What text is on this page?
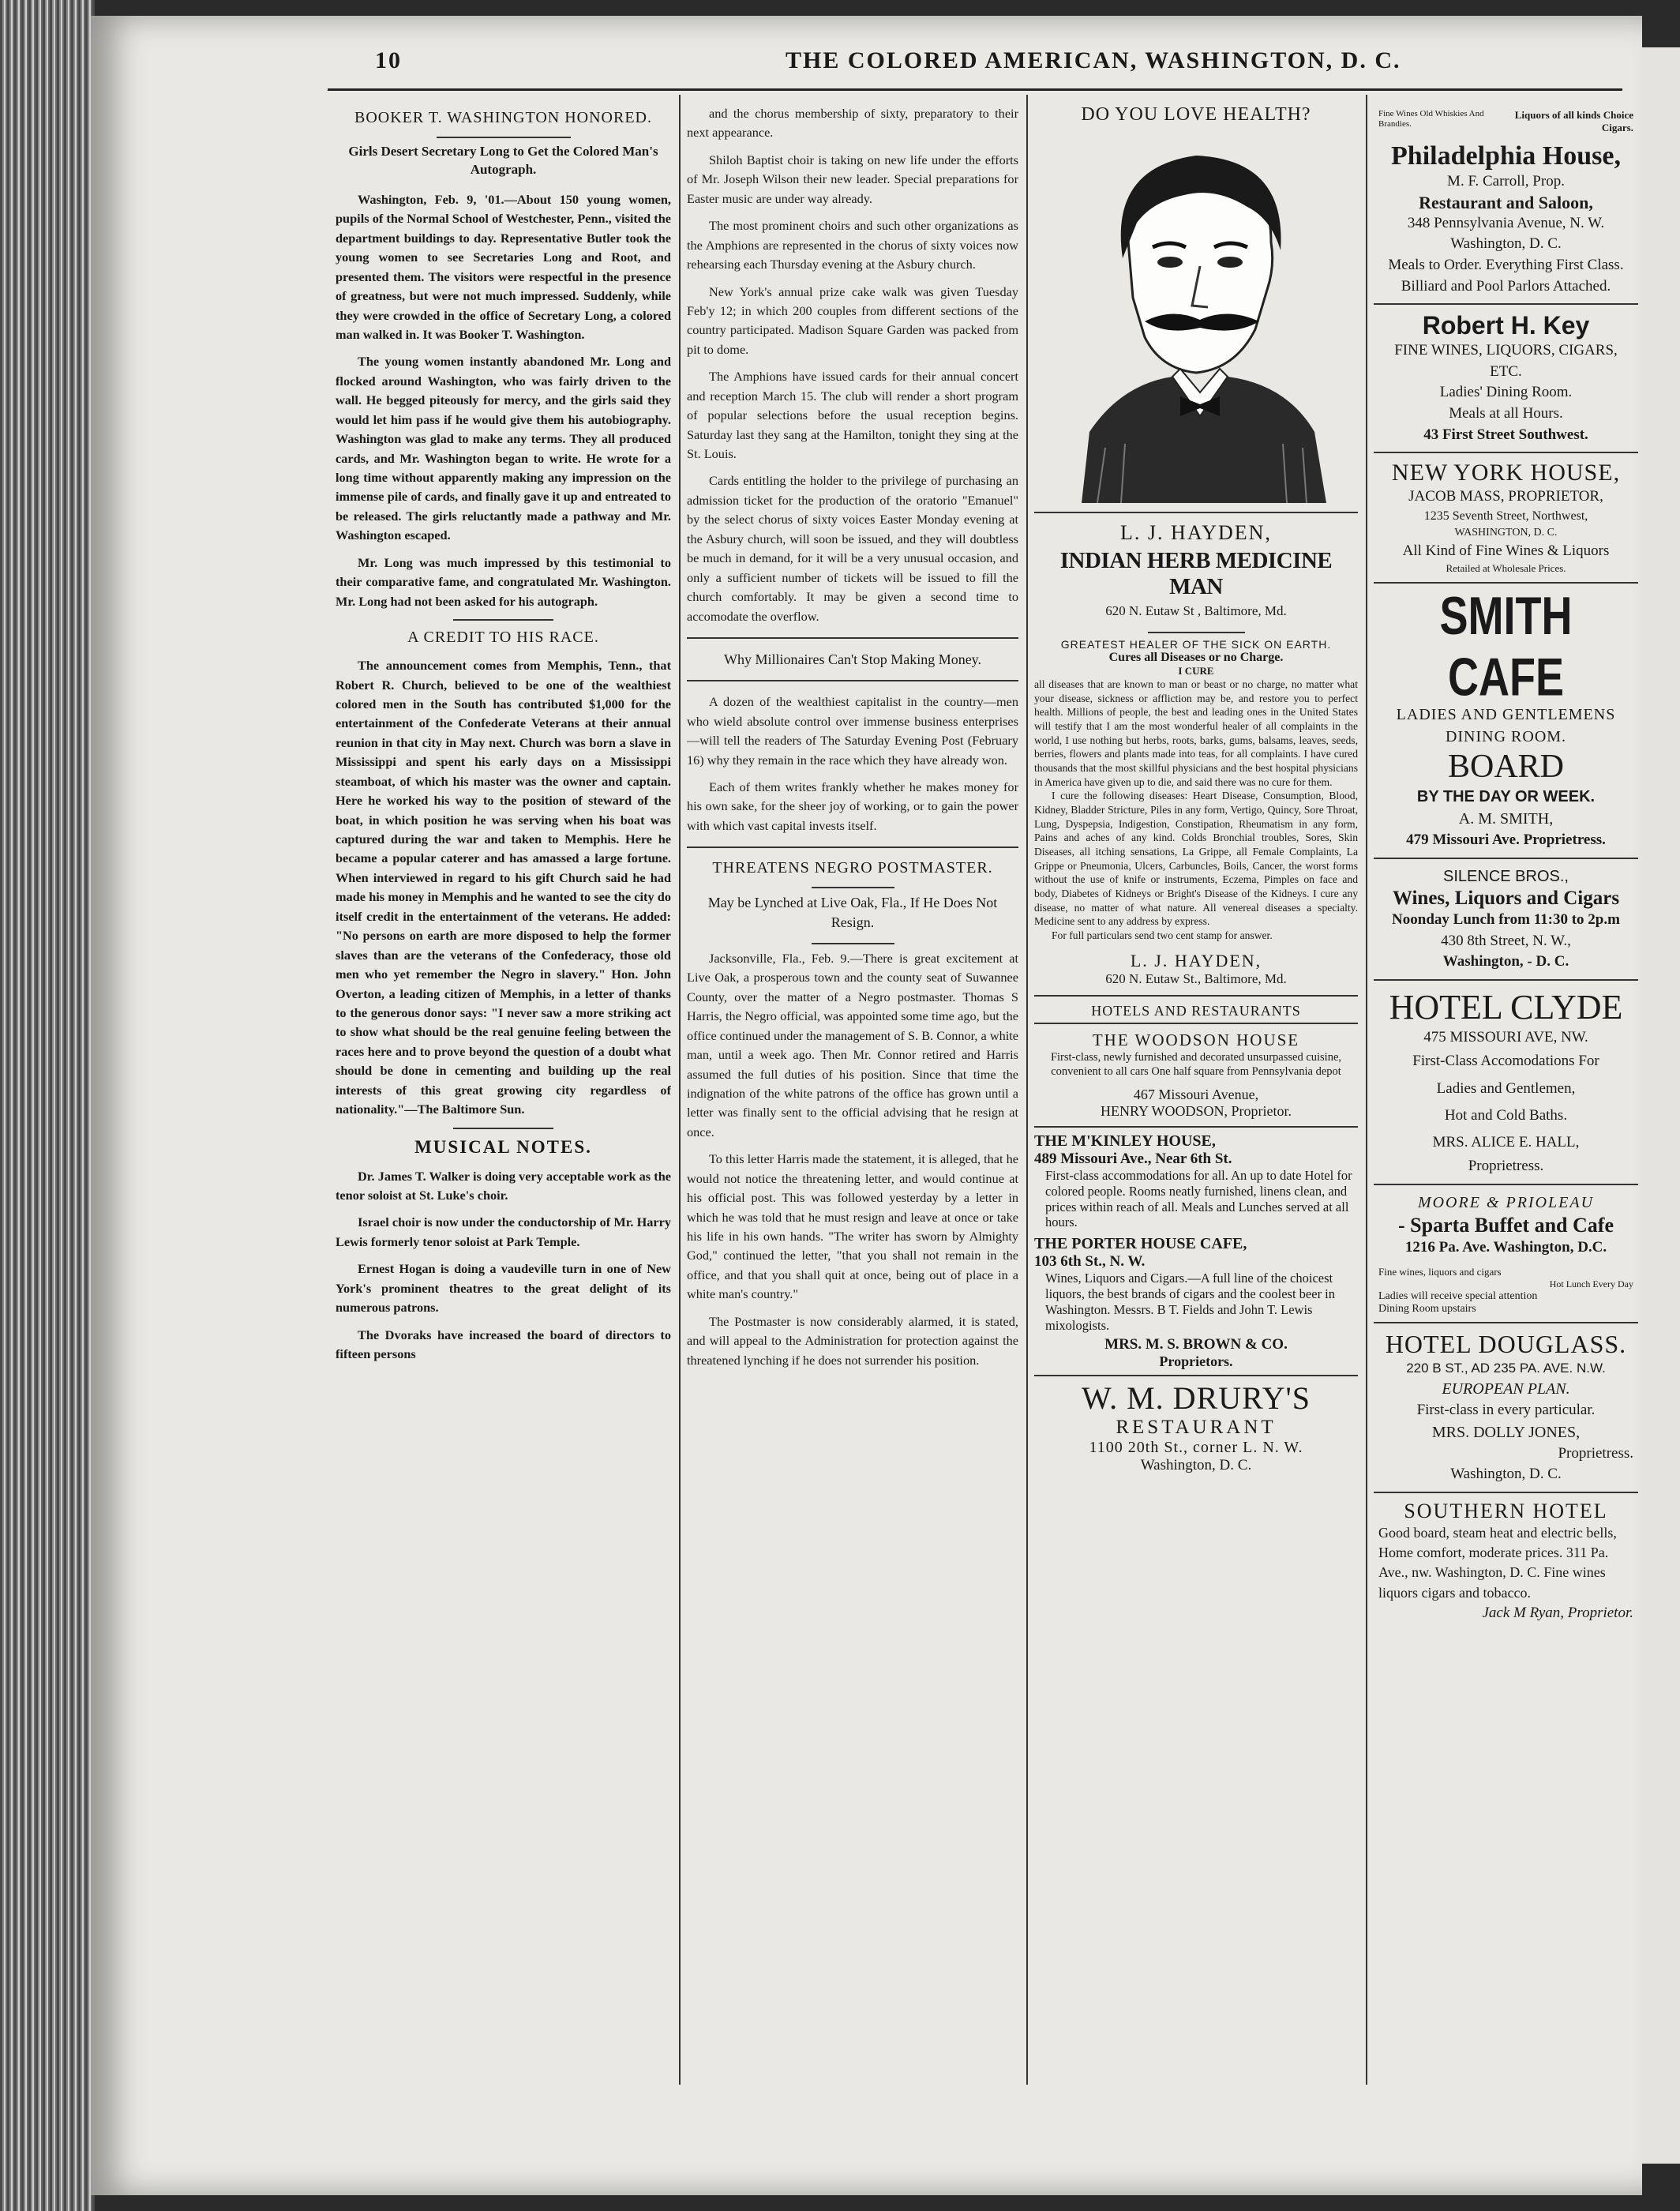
10	THE COLORED AMERICAN, WASHINGTON, D. C.
BOOKER T. WASHINGTON HONORED.
Girls Desert Secretary Long to Get the Colored Man's Autograph.

Washington, Feb. 9, '01.—About 150 young women, pupils of the Normal School of Westchester, Penn., visited the department buildings to day. Representative Butler took the young women to see Secretaries Long and Root, and presented them. The visitors were respectful in the presence of greatness, but were not much impressed. Suddenly, while they were crowded in the office of Secretary Long, a colored man walked in. It was Booker T. Washington.

The young women instantly abandoned Mr. Long and flocked around Washington, who was fairly driven to the wall. He begged piteously for mercy, and the girls said they would let him pass if he would give them his autobiography. Washington was glad to make any terms. They all produced cards, and Mr. Washington began to write. He wrote for a long time without apparently making any impression on the immense pile of cards, and finally gave it up and entreated to be released. The girls reluctantly made a pathway and Mr. Washington escaped.

Mr. Long was much impressed by this testimonial to their comparative fame, and congratulated Mr. Washington. Mr. Long had not been asked for his autograph.

A CREDIT TO HIS RACE.

The announcement comes from Memphis, Tenn., that Robert R. Church, believed to be one of the wealthiest colored men in the South has contributed $1,000 for the entertainment of the Confederate Veterans at their annual reunion in that city in May next. Church was born a slave in Mississippi and spent his early days on a Mississippi steamboat, of which his master was the owner and captain. Here he worked his way to the position of steward of the boat, in which position he was serving when his boat was captured during the war and taken to Memphis. Here he became a popular caterer and has amassed a large fortune. When interviewed in regard to his gift Church said he had made his money in Memphis and he wanted to see the city do itself credit in the entertainment of the veterans. He added: "No persons on earth are more disposed to help the former slaves than are the veterans of the Confederacy, those old men who yet remember the Negro in slavery." Hon. John Overton, a leading citizen of Memphis, in a letter of thanks to the generous donor says: "I never saw a more striking act to show what should be the real genuine feeling between the races here and to prove beyond the question of a doubt what should be done in cementing and building up the real interests of this great growing city regardless of nationality."—The Baltimore Sun.

MUSICAL NOTES.

Dr. James T. Walker is doing very acceptable work as the tenor soloist at St. Luke's choir.

Israel choir is now under the conductorship of Mr. Harry Lewis formerly tenor soloist at Park Temple.

Ernest Hogan is doing a vaudeville turn in one of New York's prominent theatres to the great delight of its numerous patrons.

The Dvoraks have increased the board of directors to fifteen persons

and the chorus membership of sixty, preparatory to their next appearance.

Shiloh Baptist choir is taking on new life under the efforts of Mr. Joseph Wilson their new leader. Special preparations for Easter music are under way already.

The most prominent choirs and such other organizations as the Amphions are represented in the chorus of sixty voices now rehearsing each Thursday evening at the Asbury church.

New York's annual prize cake walk was given Tuesday Feb'y 12; in which 200 couples from different sections of the country participated. Madison Square Garden was packed from pit to dome.

The Amphions have issued cards for their annual concert and reception March 15. The club will render a short program of popular selections before the usual reception begins. Saturday last they sang at the Hamilton, tonight they sing at the St. Louis.

Cards entitling the holder to the privilege of purchasing an admission ticket for the production of the oratorio "Emanuel" by the select chorus of sixty voices Easter Monday evening at the Asbury church, will soon be issued, and they will doubtless be much in demand, for it will be a very unusual occasion, and only a sufficient number of tickets will be issued to fill the church comfortably. It may be given a second time to accomodate the overflow.

Why Millionaires Can't Stop Making Money.

A dozen of the wealthiest capitalist in the country—men who wield absolute control over immense business enterprises—will tell the readers of The Saturday Evening Post (February 16) why they remain in the race which they have already won.

Each of them writes frankly whether he makes money for his own sake, for the sheer joy of working, or to gain the power with which vast capital invests itself.

THREATENS NEGRO POSTMASTER.
May be Lynched at Live Oak, Fla., If He Does Not Resign.

Jacksonville, Fla., Feb. 9.—There is great excitement at Live Oak, a prosperous town and the county seat of Suwannee County, over the matter of a Negro postmaster. Thomas S Harris, the Negro official, was appointed some time ago, but the office continued under the management of S. B. Connor, a white man, until a week ago. Then Mr. Connor retired and Harris assumed the full duties of his position. Since that time the indignation of the white patrons of the office has grown until a letter was finally sent to the official advising that he resign at once.

To this letter Harris made the statement, it is alleged, that he would not notice the threatening letter, and would continue at his official post. This was followed yesterday by a letter in which he was told that he must resign and leave at once or take his life in his own hands. "The writer has sworn by Almighty God," continued the letter, "that you shall not remain in the office, and that you shall quit at once, being out of place in a white man's country."

The Postmaster is now considerably alarmed, it is stated, and will appeal to the Administration for protection against the threatened lynching if he does not surrender his position.

DO YOU LOVE HEALTH?
L. J. HAYDEN,
INDIAN HERB MEDICINE MAN
620 N. Eutaw St , Baltimore, Md.
GREATEST HEALER OF THE SICK ON EARTH.
Cures all Diseases or no Charge.
I CURE
all diseases that are known to man or beast or no charge, no matter what your disease, sickness or affliction may be, and restore you to perfect health. Millions of people, the best and leading ones in the United States will testify that I am the most wonderful healer of all complaints in the world, I use nothing but herbs, roots, barks, gums, balsams, leaves, seeds, berries, flowers and plants made into teas, for all complaints. I have cured thousands that the most skillful physicians and the best hospital physicians in America have given up to die, and said there was no cure for them.
I cure the following diseases: Heart Disease, Consumption, Blood, Kidney, Bladder Stricture, Piles in any form, Vertigo, Quincy, Sore Throat, Lung, Dyspepsia, Indigestion, Constipation, Rheumatism in any form, Pains and aches of any kind. Colds Bronchial troubles, Sores, Skin Diseases, all itching sensations, La Grippe, all Female Complaints, La Grippe or Pneumonia, Ulcers, Carbuncles, Boils, Cancer, the worst forms without the use of knife or instruments, Eczema, Pimples on face and body, Diabetes of Kidneys or Bright's Disease of the Kidneys. I cure any disease, no matter of what nature. All venereal diseases a specialty. Medicine sent to any address by express.
For full particulars send two cent stamp for answer.
L. J. HAYDEN,
620 N. Eutaw St., Baltimore, Md.
HOTELS AND RESTAURANTS
THE WOODSON HOUSE
First-class, newly furnished and decorated unsurpassed cuisine, convenient to all cars One half square from Pennsylvania depot
467 Missouri Avenue,
HENRY WOODSON, Proprietor.
THE M'KINLEY HOUSE,
489 Missouri Ave., Near 6th St.
First-class accommodations for all. An up to date Hotel for colored people. Rooms neatly furnished, linens clean, and prices within reach of all. Meals and Lunches served at all hours.
THE PORTER HOUSE CAFE,
103 6th St., N. W.
Wines, Liquors and Cigars.—A full line of the choicest liquors, the best brands of cigars and the coolest beer in Washington. Messrs. B T. Fields and John T. Lewis mixologists.
MRS. M. S. BROWN & CO.
Proprietors.
W. M. DRURY'S
RESTAURANT
1100 20th St., corner L. N. W.
Washington, D. C.
Fine Wines Old Whiskies And Brandies.
Liquors of all kinds Choice Cigars.
Philadelphia House,
M. F. Carroll, Prop.
Restaurant and Saloon,
348 Pennsylvania Avenue, N. W.
Washington, D. C.
Meals to Order. Everything First Class.
Billiard and Pool Parlors Attached.
Robert H. Key
FINE WINES, LIQUORS, CIGARS, ETC.
Ladies' Dining Room.
Meals at all Hours.
43 First Street Southwest.
NEW YORK HOUSE,
JACOB MASS, PROPRIETOR,
1235 Seventh Street, Northwest,
WASHINGTON, D. C.
All Kind of Fine Wines & Liquors
Retailed at Wholesale Prices.
SMITH CAFE
LADIES AND GENTLEMENS DINING ROOM.
BOARD
BY THE DAY OR WEEK.
A. M. SMITH,
479 Missouri Ave. Proprietress.
SILENCE BROS.,
Wines, Liquors and Cigars
Noonday Lunch from 11:30 to 2p.m
430 8th Street, N. W.,
Washington, - D. C.
HOTEL CLYDE
475 MISSOURI AVE, NW.
First-Class Accomodations For
Ladies and Gentlemen,
Hot and Cold Baths.
MRS. ALICE E. HALL,
Proprietress.
MOORE & PRIOLEAU
- Sparta Buffet and Cafe
1216 Pa. Ave. Washington, D.C.
Fine wines, liquors and cigars
Hot Lunch Every Day
Ladies will receive special attention
Dining Room upstairs
HOTEL DOUGLASS.
220 B ST., AD 235 PA. AVE. N.W.
EUROPEAN PLAN.
First-class in every particular.
MRS. DOLLY JONES,
Proprietress.
Washington, D. C.
SOUTHERN HOTEL
Good board, steam heat and electric bells, Home comfort, moderate prices. 311 Pa. Ave., nw. Washington, D. C. Fine wines liquors cigars and tobacco.
Jack M Ryan, Proprietor.
